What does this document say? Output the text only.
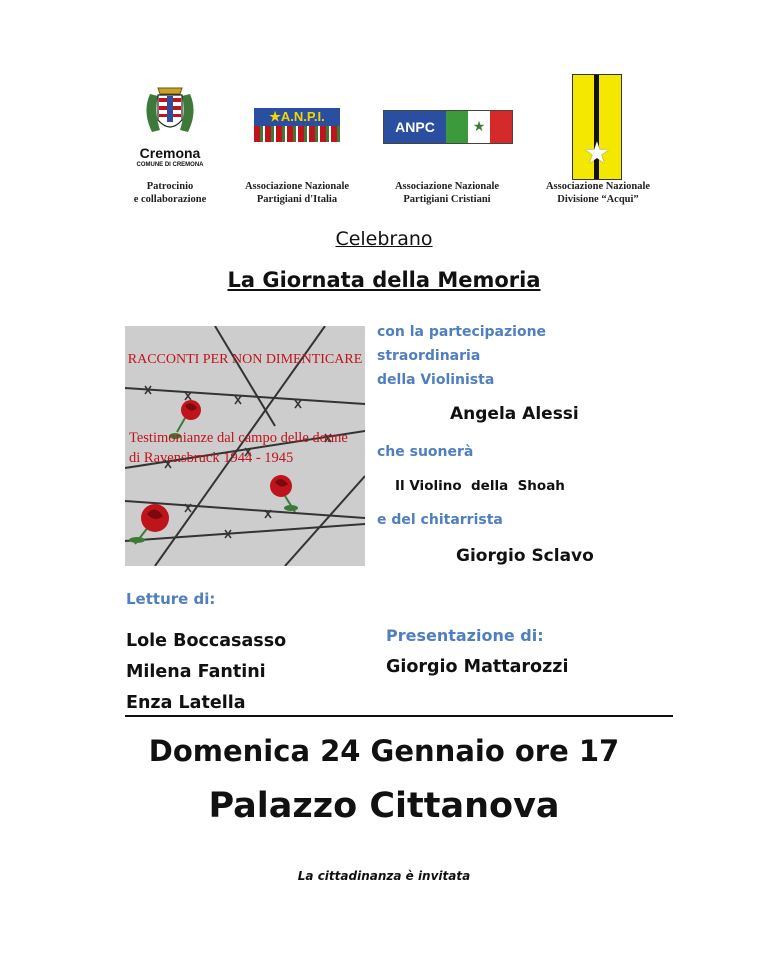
Cremona
COMUNE DI CREMONA
Patrocinio
e collaborazione
★A.N.P.I.
Associazione Nazionale
Partigiani d'Italia
ANPC	★
Associazione Nazionale
Partigiani Cristiani
★
Associazione Nazionale
Divisione “Acqui”
Celebrano
La Giornata della Memoria
RACCONTI PER NON DIMENTICARE
Testimonianze dal campo delle donne
di Ravensbruck 1944 - 1945
con la partecipazione
straordinaria
della Violinista
Angela Alessi
che suonerà
Il Violino  della  Shoah
e del chitarrista
Giorgio Sclavo
Letture di:
Lole Boccasasso
Milena Fantini
Enza Latella
Presentazione di:
Giorgio Mattarozzi
Domenica 24 Gennaio ore 17
Palazzo Cittanova
La cittadinanza è invitata
